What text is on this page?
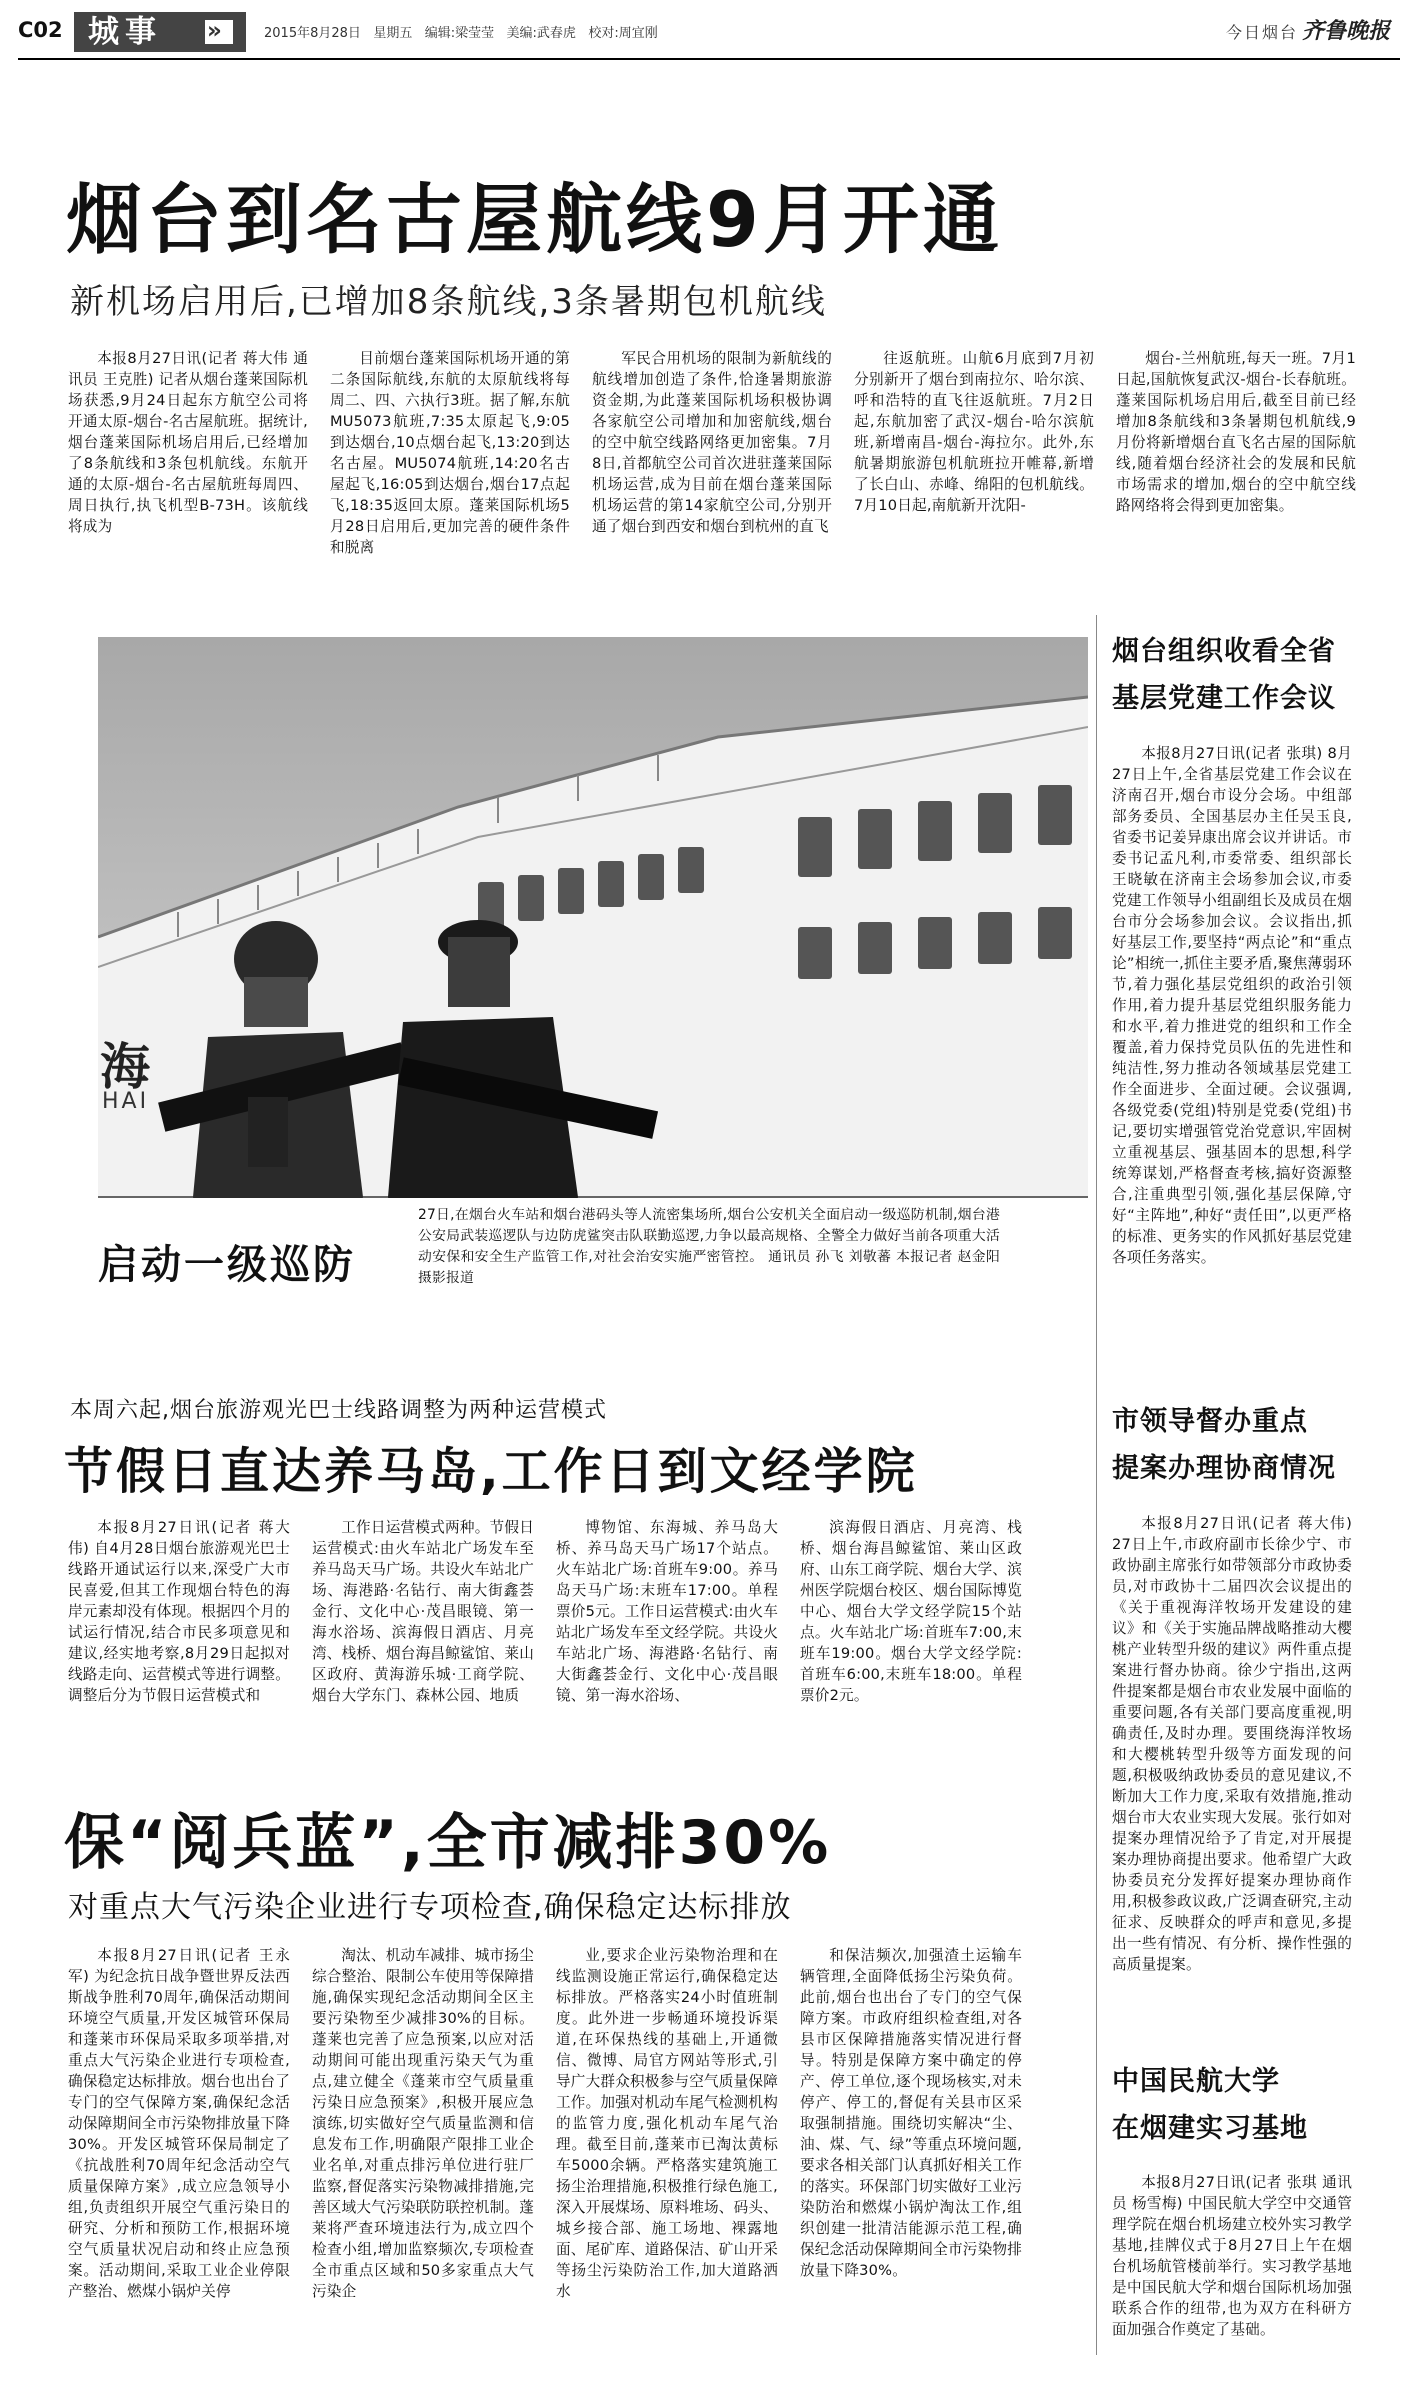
C02 城事 »	2015年8月28日 星期五 编辑:梁莹莹 美编:武春虎 校对:周宜刚	今日烟台 齐鲁晚报
烟台到名古屋航线9月开通
新机场启用后,已增加8条航线,3条暑期包机航线
本报8月27日讯(记者 蒋大伟 通讯员 王克胜) 记者从烟台蓬莱国际机场获悉,9月24日起东方航空公司将开通太原-烟台-名古屋航班。据统计,烟台蓬莱国际机场启用后,已经增加了8条航线和3条包机航线。东航开通的太原-烟台-名古屋航班每周四、周日执行,执飞机型B-73H。该航线将成为
目前烟台蓬莱国际机场开通的第二条国际航线,东航的太原航线将每周二、四、六执行3班。据了解,东航MU5073航班,7:35太原起飞,9:05到达烟台,10点烟台起飞,13:20到达名古屋。MU5074航班,14:20名古屋起飞,16:05到达烟台,烟台17点起飞,18:35返回太原。蓬莱国际机场5月28日启用后,更加完善的硬件条件和脱离
军民合用机场的限制为新航线的航线增加创造了条件,恰逢暑期旅游资金期,为此蓬莱国际机场积极协调各家航空公司增加和加密航线,烟台的空中航空线路网络更加密集。7月8日,首都航空公司首次进驻蓬莱国际机场运营,成为目前在烟台蓬莱国际机场运营的第14家航空公司,分别开通了烟台到西安和烟台到杭州的直飞
往返航班。山航6月底到7月初分别新开了烟台到南拉尔、哈尔滨、呼和浩特的直飞往返航班。7月2日起,东航加密了武汉-烟台-哈尔滨航班,新增南昌-烟台-海拉尔。此外,东航暑期旅游包机航班拉开帷幕,新增了长白山、赤峰、绵阳的包机航线。7月10日起,南航新开沈阳-
烟台-兰州航班,每天一班。7月1日起,国航恢复武汉-烟台-长春航班。蓬莱国际机场启用后,截至目前已经增加8条航线和3条暑期包机航线,9月份将新增烟台直飞名古屋的国际航线,随着烟台经济社会的发展和民航市场需求的增加,烟台的空中航空线路网络将会得到更加密集。
海
HAI
启动一级巡防
27日,在烟台火车站和烟台港码头等人流密集场所,烟台公安机关全面启动一级巡防机制,烟台港公安局武装巡逻队与边防虎鲨突击队联勤巡逻,力争以最高规格、全警全力做好当前各项重大活动安保和安全生产监管工作,对社会治安实施严密管控。 通讯员 孙飞 刘敬蕃 本报记者 赵金阳 摄影报道
烟台组织收看全省
基层党建工作会议
本报8月27日讯(记者 张琪) 8月27日上午,全省基层党建工作会议在济南召开,烟台市设分会场。中组部部务委员、全国基层办主任吴玉良,省委书记姜异康出席会议并讲话。市委书记孟凡利,市委常委、组织部长王晓敏在济南主会场参加会议,市委党建工作领导小组副组长及成员在烟台市分会场参加会议。会议指出,抓好基层工作,要坚持“两点论”和“重点论”相统一,抓住主要矛盾,聚焦薄弱环节,着力强化基层党组织的政治引领作用,着力提升基层党组织服务能力和水平,着力推进党的组织和工作全覆盖,着力保持党员队伍的先进性和纯洁性,努力推动各领域基层党建工作全面进步、全面过硬。会议强调,各级党委(党组)特别是党委(党组)书记,要切实增强管党治党意识,牢固树立重视基层、强基固本的思想,科学统筹谋划,严格督查考核,搞好资源整合,注重典型引领,强化基层保障,守好“主阵地”,种好“责任田”,以更严格的标准、更务实的作风抓好基层党建各项任务落实。
本周六起,烟台旅游观光巴士线路调整为两种运营模式
节假日直达养马岛,工作日到文经学院
本报8月27日讯(记者 蒋大伟) 自4月28日烟台旅游观光巴士线路开通试运行以来,深受广大市民喜爱,但其工作现烟台特色的海岸元素却没有体现。根据四个月的试运行情况,结合市民多项意见和建议,经实地考察,8月29日起拟对线路走向、运营模式等进行调整。调整后分为节假日运营模式和
工作日运营模式两种。节假日运营模式:由火车站北广场发车至养马岛天马广场。共设火车站北广场、海港路·名钻行、南大街鑫荟金行、文化中心·茂昌眼镜、第一海水浴场、滨海假日酒店、月亮湾、栈桥、烟台海昌鲸鲨馆、莱山区政府、黄海游乐城·工商学院、烟台大学东门、森林公园、地质
博物馆、东海城、养马岛大桥、养马岛天马广场17个站点。火车站北广场:首班车9:00。养马岛天马广场:末班车17:00。单程票价5元。工作日运营模式:由火车站北广场发车至文经学院。共设火车站北广场、海港路·名钻行、南大街鑫荟金行、文化中心·茂昌眼镜、第一海水浴场、
滨海假日酒店、月亮湾、栈桥、烟台海昌鲸鲨馆、莱山区政府、山东工商学院、烟台大学、滨州医学院烟台校区、烟台国际博览中心、烟台大学文经学院15个站点。火车站北广场:首班车7:00,末班车19:00。烟台大学文经学院:首班车6:00,末班车18:00。单程票价2元。
市领导督办重点
提案办理协商情况
本报8月27日讯(记者 蒋大伟) 27日上午,市政府副市长徐少宁、市政协副主席张行如带领部分市政协委员,对市政协十二届四次会议提出的《关于重视海洋牧场开发建设的建议》和《关于实施品牌战略推动大樱桃产业转型升级的建议》两件重点提案进行督办协商。徐少宁指出,这两件提案都是烟台市农业发展中面临的重要问题,各有关部门要高度重视,明确责任,及时办理。要围绕海洋牧场和大樱桃转型升级等方面发现的问题,积极吸纳政协委员的意见建议,不断加大工作力度,采取有效措施,推动烟台市大农业实现大发展。张行如对提案办理情况给予了肯定,对开展提案办理协商提出要求。他希望广大政协委员充分发挥好提案办理协商作用,积极参政议政,广泛调查研究,主动征求、反映群众的呼声和意见,多提出一些有情况、有分析、操作性强的高质量提案。
保“阅兵蓝”,全市减排30%
对重点大气污染企业进行专项检查,确保稳定达标排放
本报8月27日讯(记者 王永军) 为纪念抗日战争暨世界反法西斯战争胜利70周年,确保活动期间环境空气质量,开发区城管环保局和蓬莱市环保局采取多项举措,对重点大气污染企业进行专项检查,确保稳定达标排放。烟台也出台了专门的空气保障方案,确保纪念活动保障期间全市污染物排放量下降30%。开发区城管环保局制定了《抗战胜利70周年纪念活动空气质量保障方案》,成立应急领导小组,负责组织开展空气重污染日的研究、分析和预防工作,根据环境空气质量状况启动和终止应急预案。活动期间,采取工业企业停限产整治、燃煤小锅炉关停
淘汰、机动车减排、城市扬尘综合整治、限制公车使用等保障措施,确保实现纪念活动期间全区主要污染物至少减排30%的目标。蓬莱也完善了应急预案,以应对活动期间可能出现重污染天气为重点,建立健全《蓬莱市空气质量重污染日应急预案》,积极开展应急演练,切实做好空气质量监测和信息发布工作,明确限产限排工业企业名单,对重点排污单位进行驻厂监察,督促落实污染物减排措施,完善区域大气污染联防联控机制。蓬莱将严查环境违法行为,成立四个检查小组,增加监察频次,专项检查全市重点区域和50多家重点大气污染企
业,要求企业污染物治理和在线监测设施正常运行,确保稳定达标排放。严格落实24小时值班制度。此外进一步畅通环境投诉渠道,在环保热线的基础上,开通微信、微博、局官方网站等形式,引导广大群众积极参与空气质量保障工作。加强对机动车尾气检测机构的监管力度,强化机动车尾气治理。截至目前,蓬莱市已淘汰黄标车5000余辆。严格落实建筑施工扬尘治理措施,积极推行绿色施工,深入开展煤场、原料堆场、码头、城乡接合部、施工场地、裸露地面、尾矿库、道路保洁、矿山开采等扬尘污染防治工作,加大道路洒水
和保洁频次,加强渣土运输车辆管理,全面降低扬尘污染负荷。此前,烟台也出台了专门的空气保障方案。市政府组织检查组,对各县市区保障措施落实情况进行督导。特别是保障方案中确定的停产、停工单位,逐个现场核实,对未停产、停工的,督促有关县市区采取强制措施。围绕切实解决“尘、油、煤、气、绿”等重点环境问题,要求各相关部门认真抓好相关工作的落实。环保部门切实做好工业污染防治和燃煤小锅炉淘汰工作,组织创建一批清洁能源示范工程,确保纪念活动保障期间全市污染物排放量下降30%。
中国民航大学
在烟建实习基地
本报8月27日讯(记者 张琪 通讯员 杨雪梅) 中国民航大学空中交通管理学院在烟台机场建立校外实习教学基地,挂牌仪式于8月27日上午在烟台机场航管楼前举行。实习教学基地是中国民航大学和烟台国际机场加强联系合作的纽带,也为双方在科研方面加强合作奠定了基础。
